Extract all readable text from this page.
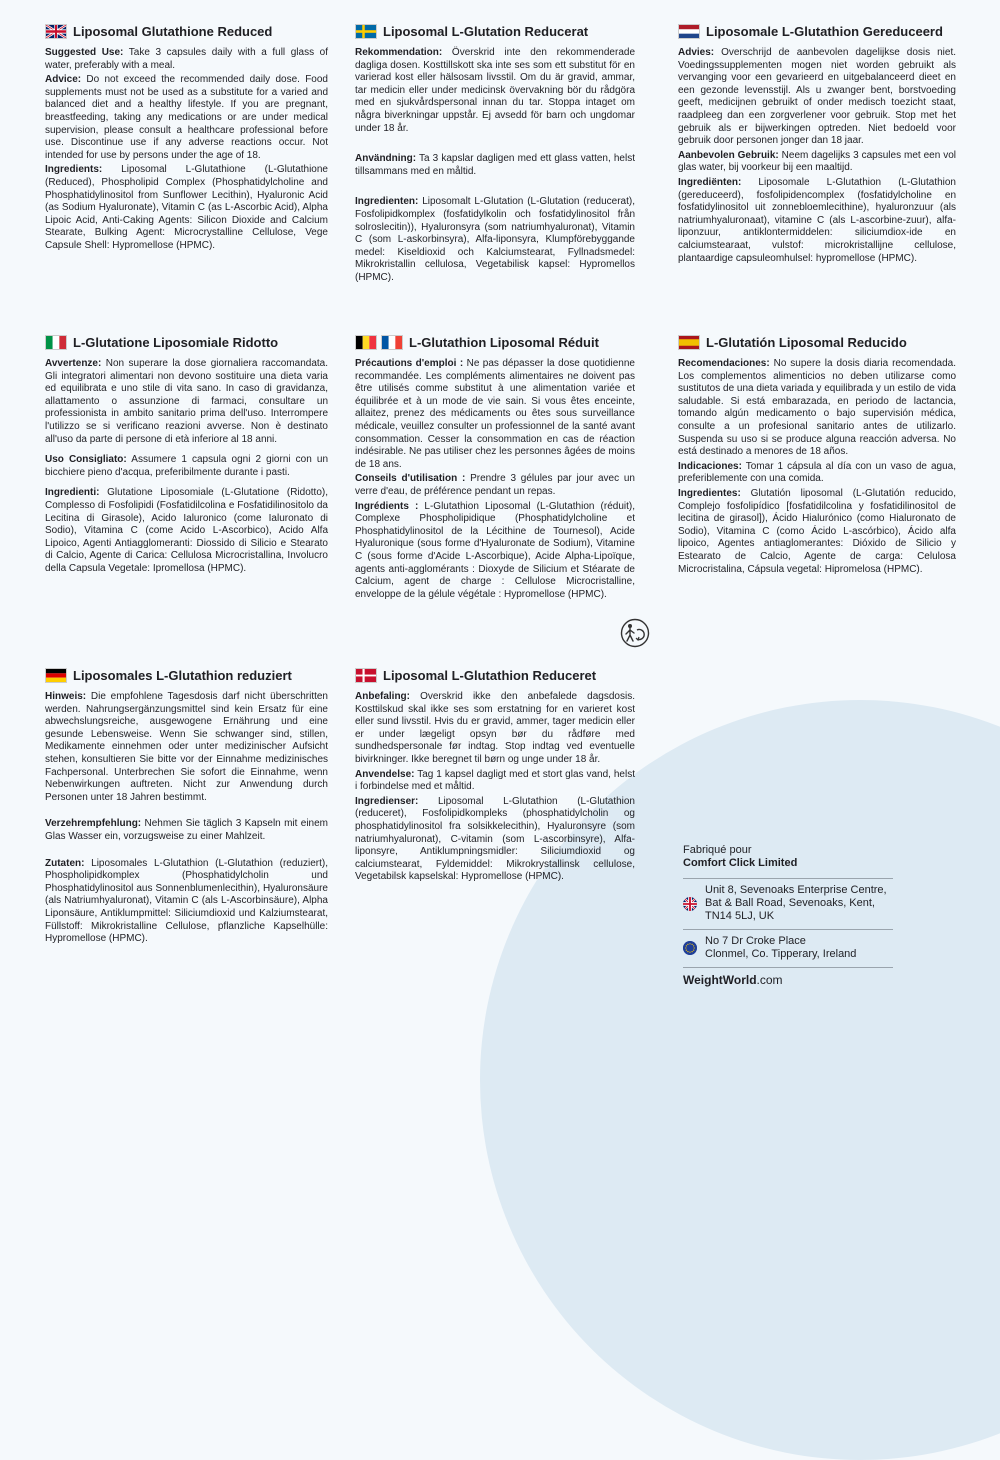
Liposomal Glutathione Reduced

Suggested Use: Take 3 capsules daily with a full glass of water, preferably with a meal.

Advice: Do not exceed the recommended daily dose. Food supplements must not be used as a substitute for a varied and balanced diet and a healthy lifestyle. If you are pregnant, breastfeeding, taking any medications or are under medical supervision, please consult a healthcare professional before use. Discontinue use if any adverse reactions occur. Not intended for use by persons under the age of 18.

Ingredients: Liposomal L-Glutathione (L-Glutathione (Reduced), Phospholipid Complex (Phosphatidylcholine and Phosphatidylinositol from Sunflower Lecithin), Hyaluronic Acid (as Sodium Hyaluronate), Vitamin C (as L-Ascorbic Acid), Alpha Lipoic Acid, Anti-Caking Agents: Silicon Dioxide and Calcium Stearate, Bulking Agent: Microcrystalline Cellulose, Vege Capsule Shell: Hypromellose (HPMC).

Liposomal L-Glutation Reducerat

Rekommendation: Överskrid inte den rekommenderade dagliga dosen. Kosttillskott ska inte ses som ett substitut för en varierad kost eller hälsosam livsstil. Om du är gravid, ammar, tar medicin eller under medicinsk övervakning bör du rådgöra med en sjukvårdspersonal innan du tar. Stoppa intaget om några biverkningar uppstår. Ej avsedd för barn och ungdomar under 18 år.

Användning: Ta 3 kapslar dagligen med ett glass vatten, helst tillsammans med en måltid.

Ingredienten: Liposomalt L-Glutation (L-Glutation (reducerat), Fosfolipidkomplex (fosfatidylkolin och fosfatidylinositol från solroslecitin)), Hyaluronsyra (som natriumhyaluronat), Vitamin C (som L-askorbinsyra), Alfa-liponsyra, Klumpförebyggande medel: Kiseldioxid och Kalciumstearat, Fyllnadsmedel: Mikrokristallin cellulosa, Vegetabilisk kapsel: Hypromellos (HPMC).

Liposomale L-Glutathion Gereduceerd

Advies: Overschrijd de aanbevolen dagelijkse dosis niet. Voedingssupplementen mogen niet worden gebruikt als vervanging voor een gevarieerd en uitgebalanceerd dieet en een gezonde levensstijl. Als u zwanger bent, borstvoeding geeft, medicijnen gebruikt of onder medisch toezicht staat, raadpleeg dan een zorgverlener voor gebruik. Stop met het gebruik als er bijwerkingen optreden. Niet bedoeld voor gebruik door personen jonger dan 18 jaar.

Aanbevolen Gebruik: Neem dagelijks 3 capsules met een vol glas water, bij voorkeur bij een maaltijd.

Ingrediënten: Liposomale L-Glutathion (L-Glutathion (gereduceerd), fosfolipidencomplex (fosfatidylcholine en fosfatidylinositol uit zonnebloemlecithine), hyaluronzuur (als natriumhyaluronaat), vitamine C (als L-ascorbine-zuur), alfa-liponzuur, antiklontermiddelen: siliciumdiox-ide en calciumstearaat, vulstof: microkristallijne cellulose, plantaardige capsuleomhulsel: hypromellose (HPMC).

L-Glutatione Liposomiale Ridotto

Avvertenze: Non superare la dose giornaliera raccomandata. Gli integratori alimentari non devono sostituire una dieta varia ed equilibrata e uno stile di vita sano. In caso di gravidanza, allattamento o assunzione di farmaci, consultare un professionista in ambito sanitario prima dell'uso. Interrompere l'utilizzo se si verificano reazioni avverse. Non è destinato all'uso da parte di persone di età inferiore al 18 anni.

Uso Consigliato: Assumere 1 capsula ogni 2 giorni con un bicchiere pieno d'acqua, preferibilmente durante i pasti.

Ingredienti: Glutatione Liposomiale (L-Glutatione (Ridotto), Complesso di Fosfolipidi (Fosfatidilcolina e Fosfatidilinositolo da Lecitina di Girasole), Acido Ialuronico (come Ialuronato di Sodio), Vitamina C (come Acido L-Ascorbico), Acido Alfa Lipoico, Agenti Antiagglomeranti: Diossido di Silicio e Stearato di Calcio, Agente di Carica: Cellulosa Microcristallina, Involucro della Capsula Vegetale: Ipromellosa (HPMC).

L-Glutathion Liposomal Réduit

Précautions d'emploi : Ne pas dépasser la dose quotidienne recommandée. Les compléments alimentaires ne doivent pas être utilisés comme substitut à une alimentation variée et équilibrée et à un mode de vie sain. Si vous êtes enceinte, allaitez, prenez des médicaments ou êtes sous surveillance médicale, veuillez consulter un professionnel de la santé avant consommation. Cesser la consommation en cas de réaction indésirable. Ne pas utiliser chez les personnes âgées de moins de 18 ans.

Conseils d'utilisation : Prendre 3 gélules par jour avec un verre d'eau, de préférence pendant un repas.

Ingrédients : L-Glutathion Liposomal (L-Glutathion (réduit), Complexe Phospholipidique (Phosphatidylcholine et Phosphatidylinositol de la Lécithine de Tournesol), Acide Hyaluronique (sous forme d'Hyaluronate de Sodium), Vitamine C (sous forme d'Acide L-Ascorbique), Acide Alpha-Lipoïque, agents anti-agglomérants : Dioxyde de Silicium et Stéarate de Calcium, agent de charge : Cellulose Microcristalline, enveloppe de la gélule végétale : Hypromellose (HPMC).

L-Glutatión Liposomal Reducido

Recomendaciones: No supere la dosis diaria recomendada. Los complementos alimenticios no deben utilizarse como sustitutos de una dieta variada y equilibrada y un estilo de vida saludable. Si está embarazada, en periodo de lactancia, tomando algún medicamento o bajo supervisión médica, consulte a un profesional sanitario antes de utilizarlo. Suspenda su uso si se produce alguna reacción adversa. No está destinado a menores de 18 años.

Indicaciones: Tomar 1 cápsula al día con un vaso de agua, preferiblemente con una comida.

Ingredientes: Glutatión liposomal (L-Glutatión reducido, Complejo fosfolipídico [fosfatidilcolina y fosfatidilinositol de lecitina de girasol]), Ácido Hialurónico (como Hialuronato de Sodio), Vitamina C (como Ácido L-ascórbico), Ácido alfa lipoico, Agentes antiaglomerantes: Dióxido de Silicio y Estearato de Calcio, Agente de carga: Celulosa Microcristalina, Cápsula vegetal: Hipromelosa (HPMC).

Liposomales L-Glutathion reduziert

Hinweis: Die empfohlene Tagesdosis darf nicht überschritten werden. Nahrungsergänzungsmittel sind kein Ersatz für eine abwechslungsreiche, ausgewogene Ernährung und eine gesunde Lebensweise. Wenn Sie schwanger sind, stillen, Medikamente einnehmen oder unter medizinischer Aufsicht stehen, konsultieren Sie bitte vor der Einnahme medizinisches Fachpersonal. Unterbrechen Sie sofort die Einnahme, wenn Nebenwirkungen auftreten. Nicht zur Anwendung durch Personen unter 18 Jahren bestimmt.

Verzehrempfehlung: Nehmen Sie täglich 3 Kapseln mit einem Glas Wasser ein, vorzugsweise zu einer Mahlzeit.

Zutaten: Liposomales L-Glutathion (L-Glutathion (reduziert), Phospholipidkomplex (Phosphatidylcholin und Phosphatidylinositol aus Sonnenblumenlecithin), Hyaluronsäure (als Natriumhyaluronat), Vitamin C (als L-Ascorbinsäure), Alpha Liponsäure, Antiklumpmittel: Siliciumdioxid und Kalziumstearat, Füllstoff: Mikrokristalline Cellulose, pflanzliche Kapselhülle: Hypromellose (HPMC).

Liposomal L-Glutathion Reduceret

Anbefaling: Overskrid ikke den anbefalede dagsdosis. Kosttilskud skal ikke ses som erstatning for en varieret kost eller sund livsstil. Hvis du er gravid, ammer, tager medicin eller er under lægeligt opsyn bør du rådføre med sundhedspersonale før indtag. Stop indtag ved eventuelle bivirkninger. Ikke beregnet til børn og unge under 18 år.

Anvendelse: Tag 1 kapsel dagligt med et stort glas vand, helst i forbindelse med et måltid.

Ingredienser: Liposomal L-Glutathion (L-Glutathion (reduceret), Fosfolipidkompleks (phosphatidylcholin og phosphatidylinositol fra solsikkelecithin), Hyaluronsyre (som natriumhyaluronat), C-vitamin (som L-ascorbinsyre), Alfa-liponsyre, Antiklumpningsmidler: Siliciumdioxid og calciumstearat, Fyldemiddel: Mikrokrystallinsk cellulose, Vegetabilsk kapselskal: Hypromellose (HPMC).

Fabriqué pour

Comfort Click Limited

Unit 8, Sevenoaks Enterprise Centre,
Bat & Ball Road, Sevenoaks, Kent,
TN14 5LJ, UK
No 7 Dr Croke Place
Clonmel, Co. Tipperary, Ireland
WeightWorld.com
